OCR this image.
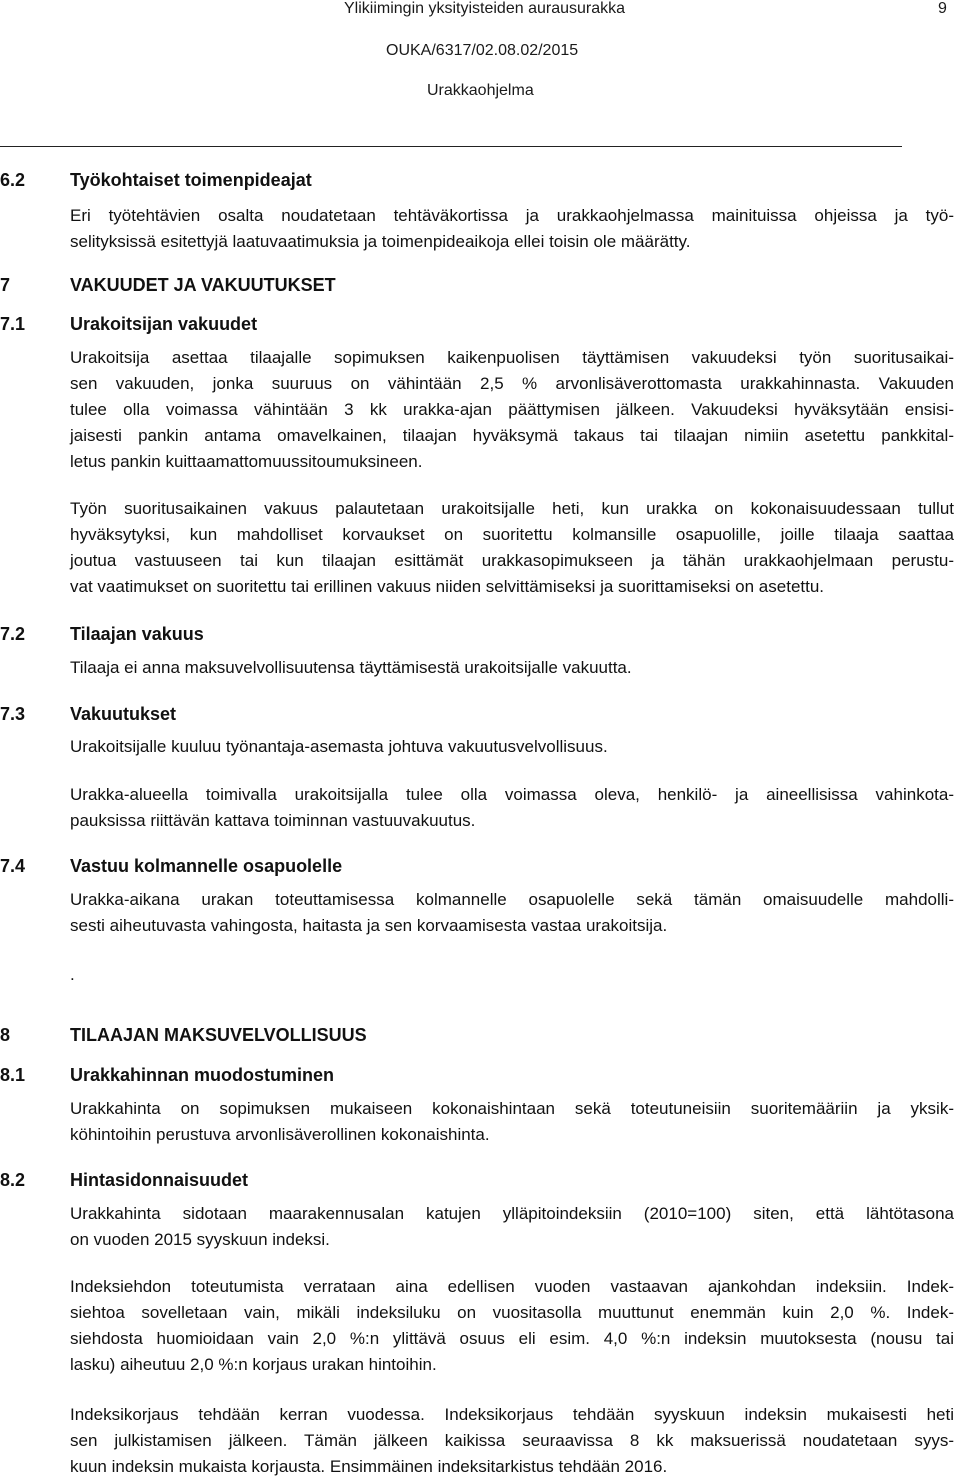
Ylikiimingin yksityisteiden aurausurakka	9
OUKA/6317/02.08.02/2015
Urakkaohjelma
6.2 Työkohtaiset toimenpideajat
Eri työtehtävien osalta noudatetaan tehtäväkortissa ja urakkaohjelmassa mainituissa ohjeissa ja työ-
selityksissä esitettyjä laatuvaatimuksia ja toimenpideaikoja ellei toisin ole määrätty.
7	VAKUUDET JA VAKUUTUKSET
7.1 Urakoitsijan vakuudet
Urakoitsija asettaa tilaajalle sopimuksen kaikenpuolisen täyttämisen vakuudeksi työn suoritusaikai-
sen vakuuden, jonka suuruus on vähintään 2,5 % arvonlisäverottomasta urakkahinnasta. Vakuuden
tulee olla voimassa vähintään 3 kk urakka-ajan päättymisen jälkeen. Vakuudeksi hyväksytään ensisi-
jaisesti pankin antama omavelkainen, tilaajan hyväksymä takaus tai tilaajan nimiin asetettu pankkital-
letus pankin kuittaamattomuussitoumuksineen.
Työn suoritusaikainen vakuus palautetaan urakoitsijalle heti, kun urakka on kokonaisuudessaan tullut
hyväksytyksi, kun mahdolliset korvaukset on suoritettu kolmansille osapuolille, joille tilaaja saattaa
joutua vastuuseen tai kun tilaajan esittämät urakkasopimukseen ja tähän urakkaohjelmaan perustu-
vat vaatimukset on suoritettu tai erillinen vakuus niiden selvittämiseksi ja suorittamiseksi on asetettu.
7.2 Tilaajan vakuus
Tilaaja ei anna maksuvelvollisuutensa täyttämisestä urakoitsijalle vakuutta.
7.3 Vakuutukset
Urakoitsijalle kuuluu työnantaja-asemasta johtuva vakuutusvelvollisuus.
Urakka-alueella toimivalla urakoitsijalla tulee olla voimassa oleva, henkilö- ja aineellisissa vahinkota-
pauksissa riittävän kattava toiminnan vastuuvakuutus.
7.4 Vastuu kolmannelle osapuolelle
Urakka-aikana urakan toteuttamisessa kolmannelle osapuolelle sekä tämän omaisuudelle mahdolli-
sesti aiheutuvasta vahingosta, haitasta ja sen korvaamisesta vastaa urakoitsija.
.
8	TILAAJAN MAKSUVELVOLLISUUS
8.1 Urakkahinnan muodostuminen
Urakkahinta on sopimuksen mukaiseen kokonaishintaan sekä toteutuneisiin suoritemääriin ja yksik-
köhintoihin perustuva arvonlisäverollinen kokonaishinta.
8.2 Hintasidonnaisuudet
Urakkahinta sidotaan maarakennusalan katujen ylläpitoindeksiin (2010=100) siten, että lähtötasona
on vuoden 2015 syyskuun indeksi.
Indeksiehdon toteutumista verrataan aina edellisen vuoden vastaavan ajankohdan indeksiin. Indek-
siehtoa sovelletaan vain, mikäli indeksiluku on vuositasolla muuttunut enemmän kuin 2,0 %. Indek-
siehdosta huomioidaan vain 2,0 %:n ylittävä osuus eli esim. 4,0 %:n indeksin muutoksesta (nousu tai
lasku) aiheutuu 2,0 %:n korjaus urakan hintoihin.
Indeksikorjaus tehdään kerran vuodessa. Indeksikorjaus tehdään syyskuun indeksin mukaisesti heti
sen julkistamisen jälkeen. Tämän jälkeen kaikissa seuraavissa 8 kk maksuerissä noudatetaan syys-
kuun indeksin mukaista korjausta. Ensimmäinen indeksitarkistus tehdään 2016.
